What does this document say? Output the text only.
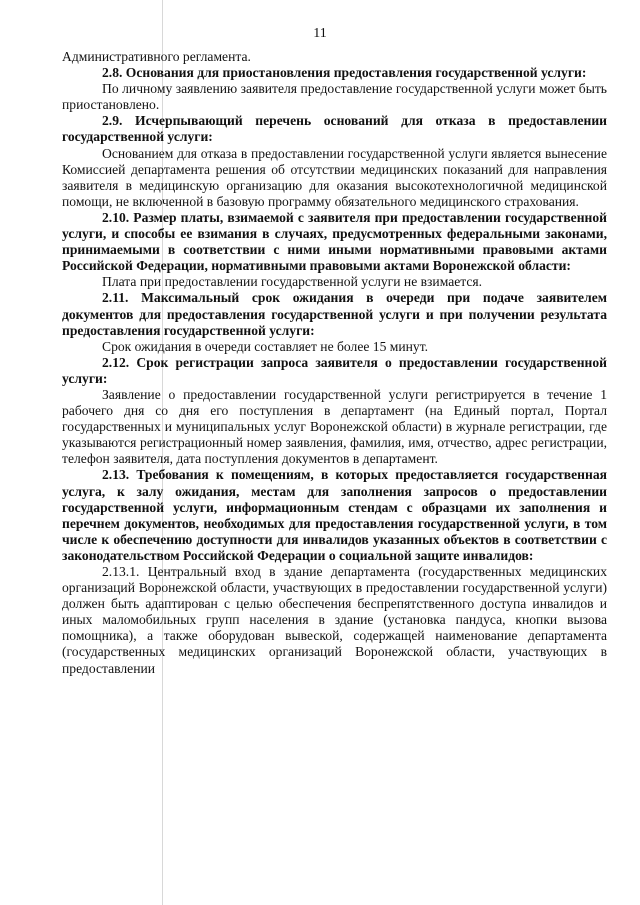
11

Административного регламента.

2.8. Основания для приостановления предоставления государственной услуги:

По личному заявлению заявителя предоставление государственной услуги может быть приостановлено.

2.9. Исчерпывающий перечень оснований для отказа в предоставлении государственной услуги:

Основанием для отказа в предоставлении государственной услуги является вынесение Комиссией департамента решения об отсутствии медицинских показаний для направления заявителя в медицинскую организацию для оказания высокотехнологичной медицинской помощи, не включенной в базовую программу обязательного медицинского страхования.

2.10. Размер платы, взимаемой с заявителя при предоставлении государственной услуги, и способы ее взимания в случаях, предусмотренных федеральными законами, принимаемыми в соответствии с ними иными нормативными правовыми актами Российской Федерации, нормативными правовыми актами Воронежской области:

Плата при предоставлении государственной услуги не взимается.

2.11. Максимальный срок ожидания в очереди при подаче заявителем документов для предоставления государственной услуги и при получении результата предоставления государственной услуги:

Срок ожидания в очереди составляет не более 15 минут.

2.12. Срок регистрации запроса заявителя о предоставлении государственной услуги:

Заявление о предоставлении государственной услуги регистрируется в течение 1 рабочего дня со дня его поступления в департамент (на Единый портал, Портал государственных и муниципальных услуг Воронежской области) в журнале регистрации, где указываются регистрационный номер заявления, фамилия, имя, отчество, адрес регистрации, телефон заявителя, дата поступления документов в департамент.

2.13. Требования к помещениям, в которых предоставляется государственная услуга, к залу ожидания, местам для заполнения запросов о предоставлении государственной услуги, информационным стендам с образцами их заполнения и перечнем документов, необходимых для предоставления государственной услуги, в том числе к обеспечению доступности для инвалидов указанных объектов в соответствии с законодательством Российской Федерации о социальной защите инвалидов:

2.13.1. Центральный вход в здание департамента (государственных медицинских организаций Воронежской области, участвующих в предоставлении государственной услуги) должен быть адаптирован с целью обеспечения беспрепятственного доступа инвалидов и иных маломобильных групп населения в здание (установка пандуса, кнопки вызова помощника), а также оборудован вывеской, содержащей наименование департамента (государственных медицинских организаций Воронежской области, участвующих в предоставлении
